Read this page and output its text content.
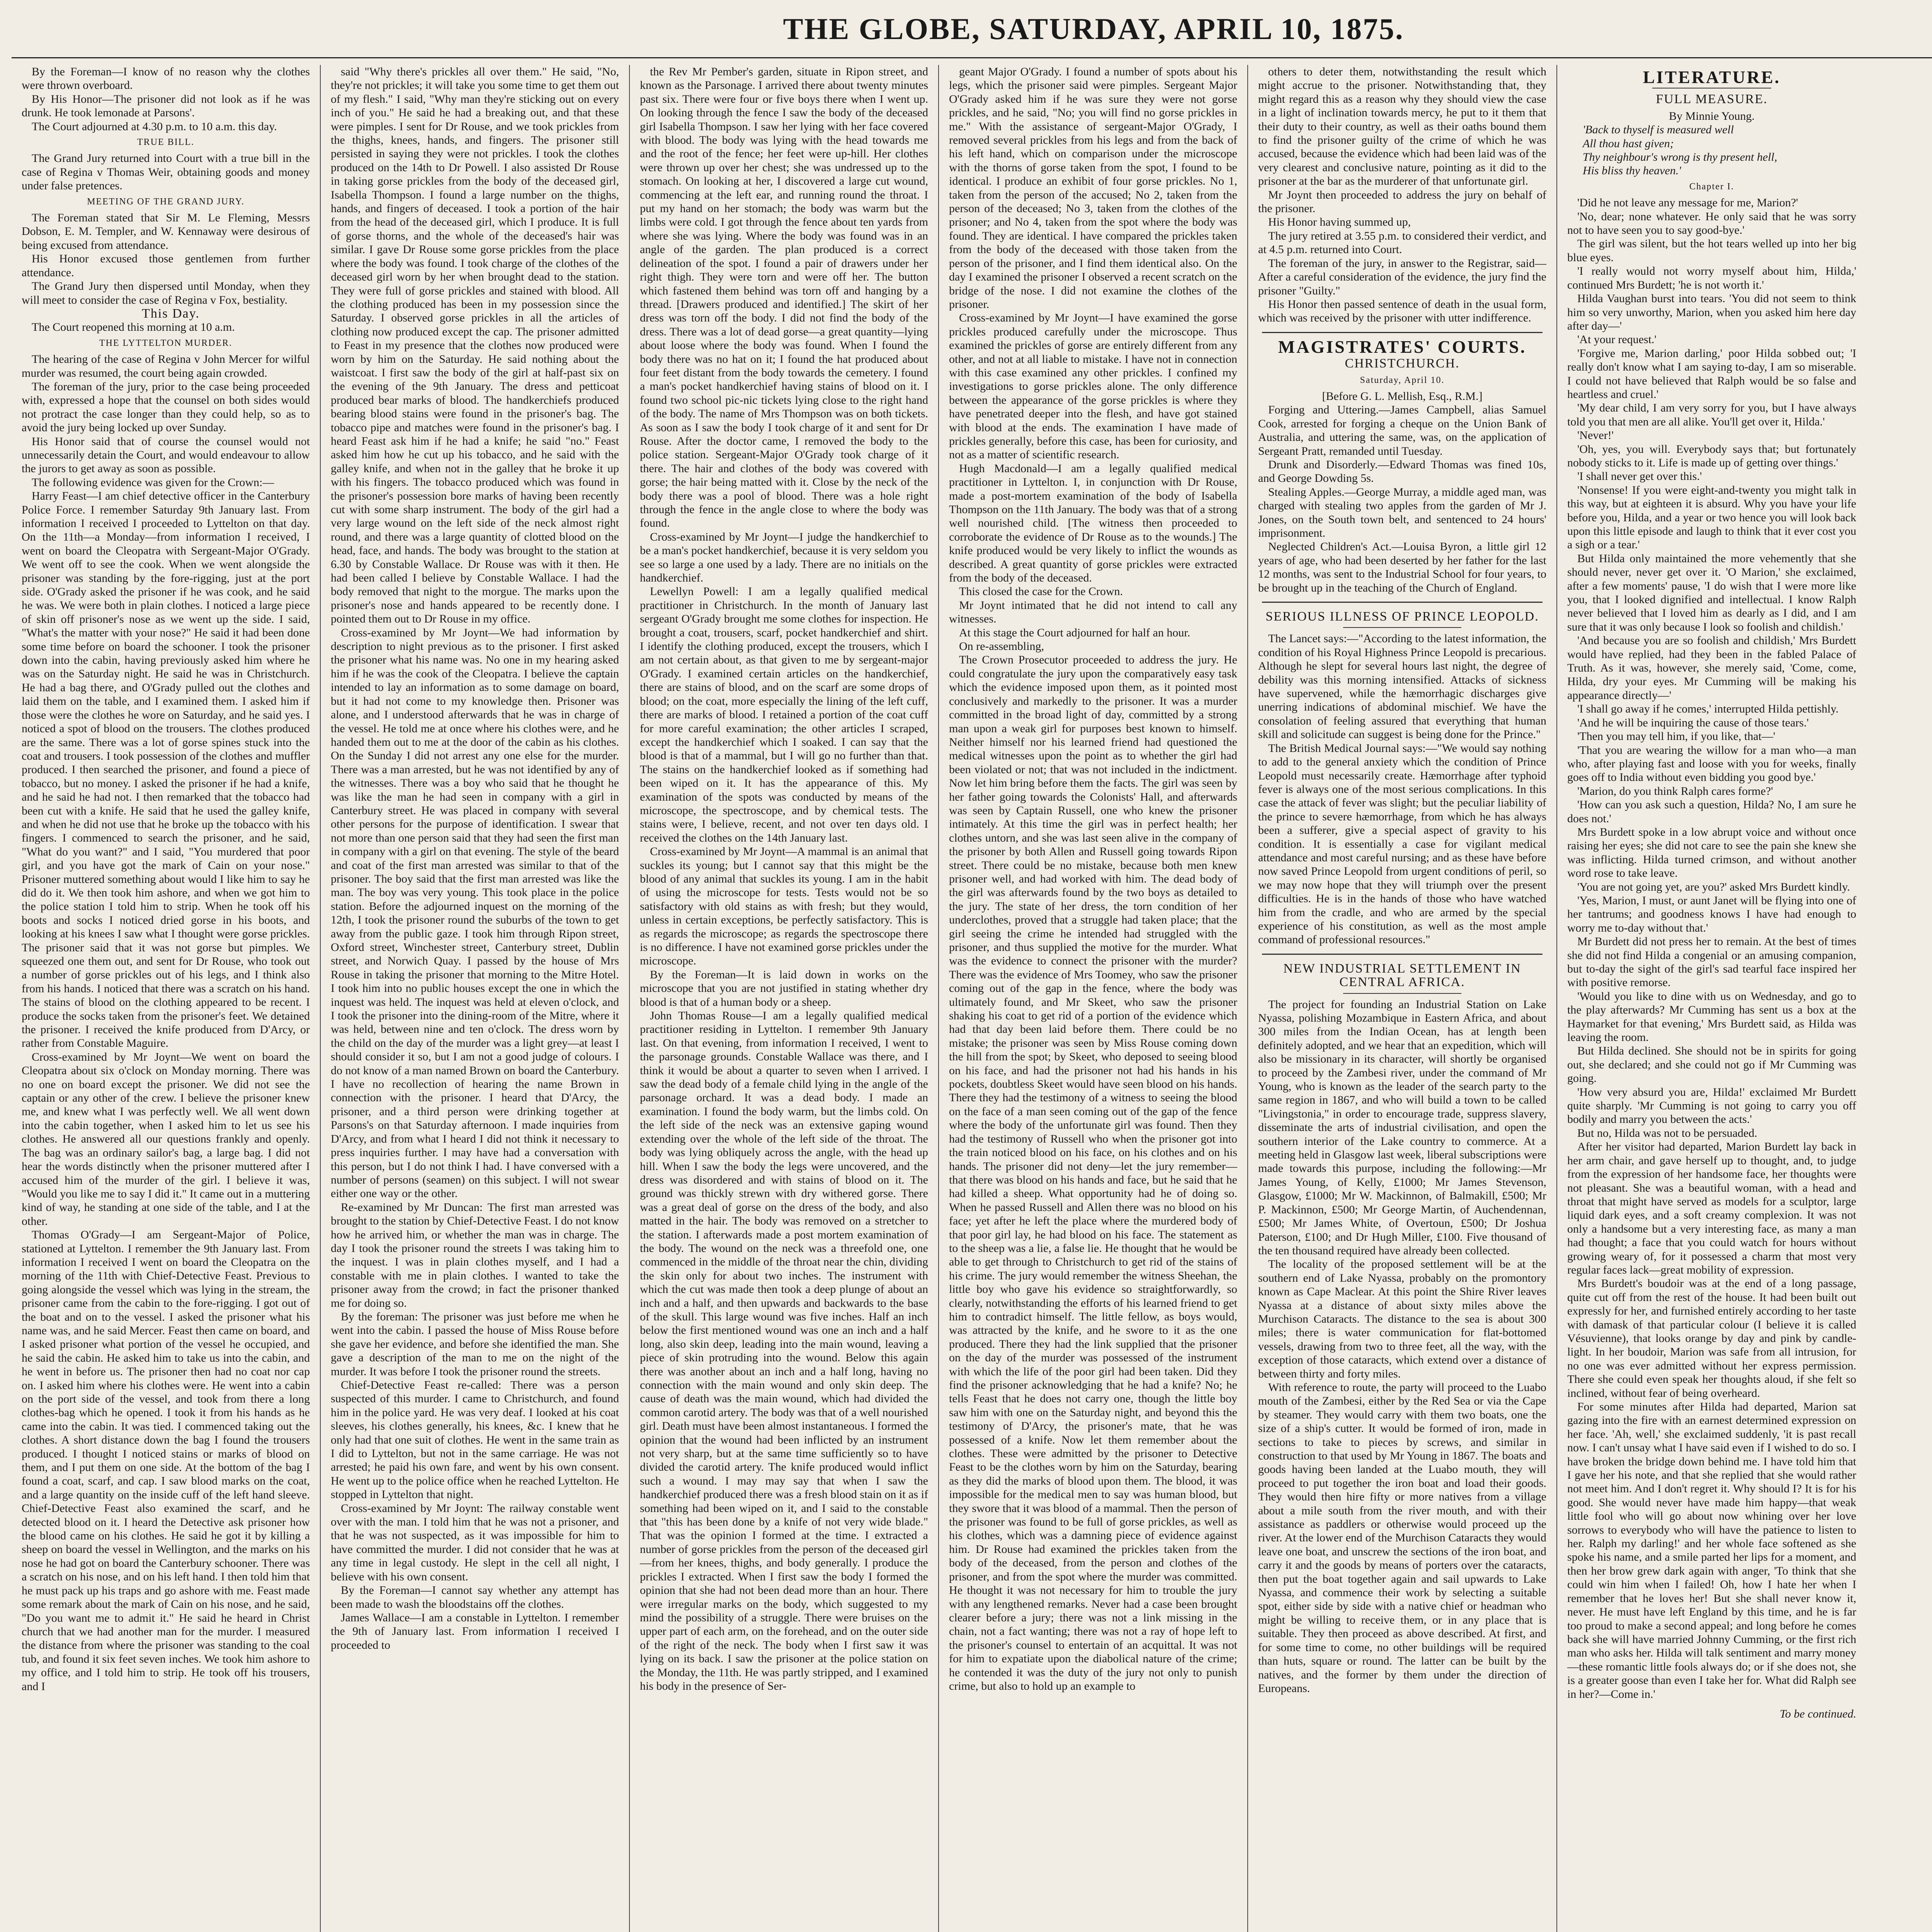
THE GLOBE, SATURDAY, APRIL 10, 1875.

By the Foreman—I know of no reason why the clothes were thrown overboard.

By His Honor—The prisoner did not look as if he was drunk. He took lemonade at Parsons'.

The Court adjourned at 4.30 p.m. to 10 a.m. this day.

TRUE BILL.

The Grand Jury returned into Court with a true bill in the case of Regina v Thomas Weir, obtaining goods and money under false pretences.

MEETING OF THE GRAND JURY.

The Foreman stated that Sir M. Le Fleming, Messrs Dobson, E. M. Templer, and W. Kennaway were desirous of being excused from attendance.

His Honor excused those gentlemen from further attendance.

The Grand Jury then dispersed until Monday, when they will meet to consider the case of Regina v Fox, bestiality.

This Day.

The Court reopened this morning at 10 a.m.

THE LYTTELTON MURDER.

The hearing of the case of Regina v John Mercer for wilful murder was resumed, the court being again crowded.

The foreman of the jury, prior to the case being proceeded with, expressed a hope that the counsel on both sides would not protract the case longer than they could help, so as to avoid the jury being locked up over Sunday.

His Honor said that of course the counsel would not unnecessarily detain the Court, and would endeavour to allow the jurors to get away as soon as possible.

The following evidence was given for the Crown:—

Harry Feast—I am chief detective officer in the Canterbury Police Force. I remember Saturday 9th January last. From information I received I proceeded to Lyttelton on that day. On the 11th—a Monday—from information I received, I went on board the Cleopatra with Sergeant-Major O'Grady. We went off to see the cook. When we went alongside the prisoner was standing by the fore-rigging, just at the port side. O'Grady asked the prisoner if he was cook, and he said he was. We were both in plain clothes. I noticed a large piece of skin off prisoner's nose as we went up the side. I said, "What's the matter with your nose?" He said it had been done some time before on board the schooner. I took the prisoner down into the cabin, having previously asked him where he was on the Saturday night. He said he was in Christchurch. He had a bag there, and O'Grady pulled out the clothes and laid them on the table, and I examined them. I asked him if those were the clothes he wore on Saturday, and he said yes. I noticed a spot of blood on the trousers. The clothes produced are the same. There was a lot of gorse spines stuck into the coat and trousers. I took possession of the clothes and muffler produced. I then searched the prisoner, and found a piece of tobacco, but no money. I asked the prisoner if he had a knife, and he said he had not. I then remarked that the tobacco had been cut with a knife. He said that he used the galley knife, and when he did not use that he broke up the tobacco with his fingers. I commenced to search the prisoner, and he said, "What do you want?" and I said, "You murdered that poor girl, and you have got the mark of Cain on your nose." Prisoner muttered something about would I like him to say he did do it. We then took him ashore, and when we got him to the police station I told him to strip. When he took off his boots and socks I noticed dried gorse in his boots, and looking at his knees I saw what I thought were gorse prickles. The prisoner said that it was not gorse but pimples. We squeezed one them out, and sent for Dr Rouse, who took out a number of gorse prickles out of his legs, and I think also from his hands. I noticed that there was a scratch on his hand. The stains of blood on the clothing appeared to be recent. I produce the socks taken from the prisoner's feet. We detained the prisoner. I received the knife produced from D'Arcy, or rather from Constable Maguire.

Cross-examined by Mr Joynt—We went on board the Cleopatra about six o'clock on Monday morning. There was no one on board except the prisoner. We did not see the captain or any other of the crew. I believe the prisoner knew me, and knew what I was perfectly well. We all went down into the cabin together, when I asked him to let us see his clothes. He answered all our questions frankly and openly. The bag was an ordinary sailor's bag, a large bag. I did not hear the words distinctly when the prisoner muttered after I accused him of the murder of the girl. I believe it was, "Would you like me to say I did it." It came out in a muttering kind of way, he standing at one side of the table, and I at the other.

Thomas O'Grady—I am Sergeant-Major of Police, stationed at Lyttelton. I remember the 9th January last. From information I received I went on board the Cleopatra on the morning of the 11th with Chief-Detective Feast. Previous to going alongside the vessel which was lying in the stream, the prisoner came from the cabin to the fore-rigging. I got out of the boat and on to the vessel. I asked the prisoner what his name was, and he said Mercer. Feast then came on board, and I asked prisoner what portion of the vessel he occupied, and he said the cabin. He asked him to take us into the cabin, and he went in before us. The prisoner then had no coat nor cap on. I asked him where his clothes were. He went into a cabin on the port side of the vessel, and took from there a long clothes-bag which he opened. I took it from his hands as he came into the cabin. It was tied. I commenced taking out the clothes. A short distance down the bag I found the trousers produced. I thought I noticed stains or marks of blood on them, and I put them on one side. At the bottom of the bag I found a coat, scarf, and cap. I saw blood marks on the coat, and a large quantity on the inside cuff of the left hand sleeve. Chief-Detective Feast also examined the scarf, and he detected blood on it. I heard the Detective ask prisoner how the blood came on his clothes. He said he got it by killing a sheep on board the vessel in Wellington, and the marks on his nose he had got on board the Canterbury schooner. There was a scratch on his nose, and on his left hand. I then told him that he must pack up his traps and go ashore with me. Feast made some remark about the mark of Cain on his nose, and he said, "Do you want me to admit it." He said he heard in Christ church that we had another man for the murder. I measured the distance from where the prisoner was standing to the coal tub, and found it six feet seven inches. We took him ashore to my office, and I told him to strip. He took off his trousers, and I

said "Why there's prickles all over them." He said, "No, they're not prickles; it will take you some time to get them out of my flesh." I said, "Why man they're sticking out on every inch of you." He said he had a breaking out, and that these were pimples. I sent for Dr Rouse, and we took prickles from the thighs, knees, hands, and fingers. The prisoner still persisted in saying they were not prickles. I took the clothes produced on the 14th to Dr Powell. I also assisted Dr Rouse in taking gorse prickles from the body of the deceased girl, Isabella Thompson. I found a large number on the thighs, hands, and fingers of deceased. I took a portion of the hair from the head of the deceased girl, which I produce. It is full of gorse thorns, and the whole of the deceased's hair was similar. I gave Dr Rouse some gorse prickles from the place where the body was found. I took charge of the clothes of the deceased girl worn by her when brought dead to the station. They were full of gorse prickles and stained with blood. All the clothing produced has been in my possession since the Saturday. I observed gorse prickles in all the articles of clothing now produced except the cap. The prisoner admitted to Feast in my presence that the clothes now produced were worn by him on the Saturday. He said nothing about the waistcoat. I first saw the body of the girl at half-past six on the evening of the 9th January. The dress and petticoat produced bear marks of blood. The handkerchiefs produced bearing blood stains were found in the prisoner's bag. The tobacco pipe and matches were found in the prisoner's bag. I heard Feast ask him if he had a knife; he said "no." Feast asked him how he cut up his tobacco, and he said with the galley knife, and when not in the galley that he broke it up with his fingers. The tobacco produced which was found in the prisoner's possession bore marks of having been recently cut with some sharp instrument. The body of the girl had a very large wound on the left side of the neck almost right round, and there was a large quantity of clotted blood on the head, face, and hands. The body was brought to the station at 6.30 by Constable Wallace. Dr Rouse was with it then. He had been called I believe by Constable Wallace. I had the body removed that night to the morgue. The marks upon the prisoner's nose and hands appeared to be recently done. I pointed them out to Dr Rouse in my office.

Cross-examined by Mr Joynt—We had information by description to night previous as to the prisoner. I first asked the prisoner what his name was. No one in my hearing asked him if he was the cook of the Cleopatra. I believe the captain intended to lay an information as to some damage on board, but it had not come to my knowledge then. Prisoner was alone, and I understood afterwards that he was in charge of the vessel. He told me at once where his clothes were, and he handed them out to me at the door of the cabin as his clothes. On the Sunday I did not arrest any one else for the murder. There was a man arrested, but he was not identified by any of the witnesses. There was a boy who said that he thought he was like the man he had seen in company with a girl in Canterbury street. He was placed in company with several other persons for the purpose of identification. I swear that not more than one person said that they had seen the first man in company with a girl on that evening. The style of the beard and coat of the first man arrested was similar to that of the prisoner. The boy said that the first man arrested was like the man. The boy was very young. This took place in the police station. Before the adjourned inquest on the morning of the 12th, I took the prisoner round the suburbs of the town to get away from the public gaze. I took him through Ripon street, Oxford street, Winchester street, Canterbury street, Dublin street, and Norwich Quay. I passed by the house of Mrs Rouse in taking the prisoner that morning to the Mitre Hotel. I took him into no public houses except the one in which the inquest was held. The inquest was held at eleven o'clock, and I took the prisoner into the dining-room of the Mitre, where it was held, between nine and ten o'clock. The dress worn by the child on the day of the murder was a light grey—at least I should consider it so, but I am not a good judge of colours. I do not know of a man named Brown on board the Canterbury. I have no recollection of hearing the name Brown in connection with the prisoner. I heard that D'Arcy, the prisoner, and a third person were drinking together at Parsons's on that Saturday afternoon. I made inquiries from D'Arcy, and from what I heard I did not think it necessary to press inquiries further. I may have had a conversation with this person, but I do not think I had. I have conversed with a number of persons (seamen) on this subject. I will not swear either one way or the other.

Re-examined by Mr Duncan: The first man arrested was brought to the station by Chief-Detective Feast. I do not know how he arrived him, or whether the man was in charge. The day I took the prisoner round the streets I was taking him to the inquest. I was in plain clothes myself, and I had a constable with me in plain clothes. I wanted to take the prisoner away from the crowd; in fact the prisoner thanked me for doing so.

By the foreman: The prisoner was just before me when he went into the cabin. I passed the house of Miss Rouse before she gave her evidence, and before she identified the man. She gave a description of the man to me on the night of the murder. It was before I took the prisoner round the streets.

Chief-Detective Feast re-called: There was a person suspected of this murder. I came to Christchurch, and found him in the police yard. He was very deaf. I looked at his coat sleeves, his clothes generally, his knees, &c. I knew that he only had that one suit of clothes. He went in the same train as I did to Lyttelton, but not in the same carriage. He was not arrested; he paid his own fare, and went by his own consent. He went up to the police office when he reached Lyttelton. He stopped in Lyttelton that night.

Cross-examined by Mr Joynt: The railway constable went over with the man. I told him that he was not a prisoner, and that he was not suspected, as it was impossible for him to have committed the murder. I did not consider that he was at any time in legal custody. He slept in the cell all night, I believe with his own consent.

By the Foreman—I cannot say whether any attempt has been made to wash the bloodstains off the clothes.

James Wallace—I am a constable in Lyttelton. I remember the 9th of January last. From information I received I proceeded to

the Rev Mr Pember's garden, situate in Ripon street, and known as the Parsonage. I arrived there about twenty minutes past six. There were four or five boys there when I went up. On looking through the fence I saw the body of the deceased girl Isabella Thompson. I saw her lying with her face covered with blood. The body was lying with the head towards me and the root of the fence; her feet were up-hill. Her clothes were thrown up over her chest; she was undressed up to the stomach. On looking at her, I discovered a large cut wound, commencing at the left ear, and running round the throat. I put my hand on her stomach; the body was warm but the limbs were cold. I got through the fence about ten yards from where she was lying. Where the body was found was in an angle of the garden. The plan produced is a correct delineation of the spot. I found a pair of drawers under her right thigh. They were torn and were off her. The button which fastened them behind was torn off and hanging by a thread. [Drawers produced and identified.] The skirt of her dress was torn off the body. I did not find the body of the dress. There was a lot of dead gorse—a great quantity—lying about loose where the body was found. When I found the body there was no hat on it; I found the hat produced about four feet distant from the body towards the cemetery. I found a man's pocket handkerchief having stains of blood on it. I found two school pic-nic tickets lying close to the right hand of the body. The name of Mrs Thompson was on both tickets. As soon as I saw the body I took charge of it and sent for Dr Rouse. After the doctor came, I removed the body to the police station. Sergeant-Major O'Grady took charge of it there. The hair and clothes of the body was covered with gorse; the hair being matted with it. Close by the neck of the body there was a pool of blood. There was a hole right through the fence in the angle close to where the body was found.

Cross-examined by Mr Joynt—I judge the handkerchief to be a man's pocket handkerchief, because it is very seldom you see so large a one used by a lady. There are no initials on the handkerchief.

Lewellyn Powell: I am a legally qualified medical practitioner in Christchurch. In the month of January last sergeant O'Grady brought me some clothes for inspection. He brought a coat, trousers, scarf, pocket handkerchief and shirt. I identify the clothing produced, except the trousers, which I am not certain about, as that given to me by sergeant-major O'Grady. I examined certain articles on the handkerchief, there are stains of blood, and on the scarf are some drops of blood; on the coat, more especially the lining of the left cuff, there are marks of blood. I retained a portion of the coat cuff for more careful examination; the other articles I scraped, except the handkerchief which I soaked. I can say that the blood is that of a mammal, but I will go no further than that. The stains on the handkerchief looked as if something had been wiped on it. It has the appearance of this. My examination of the spots was conducted by means of the microscope, the spectroscope, and by chemical tests. The stains were, I believe, recent, and not over ten days old. I received the clothes on the 14th January last.

Cross-examined by Mr Joynt—A mammal is an animal that suckles its young; but I cannot say that this might be the blood of any animal that suckles its young. I am in the habit of using the microscope for tests. Tests would not be so satisfactory with old stains as with fresh; but they would, unless in certain exceptions, be perfectly satisfactory. This is as regards the microscope; as regards the spectroscope there is no difference. I have not examined gorse prickles under the microscope.

By the Foreman—It is laid down in works on the microscope that you are not justified in stating whether dry blood is that of a human body or a sheep.

John Thomas Rouse—I am a legally qualified medical practitioner residing in Lyttelton. I remember 9th January last. On that evening, from information I received, I went to the parsonage grounds. Constable Wallace was there, and I think it would be about a quarter to seven when I arrived. I saw the dead body of a female child lying in the angle of the parsonage orchard. It was a dead body. I made an examination. I found the body warm, but the limbs cold. On the left side of the neck was an extensive gaping wound extending over the whole of the left side of the throat. The body was lying obliquely across the angle, with the head up hill. When I saw the body the legs were uncovered, and the dress was disordered and with stains of blood on it. The ground was thickly strewn with dry withered gorse. There was a great deal of gorse on the dress of the body, and also matted in the hair. The body was removed on a stretcher to the station. I afterwards made a post mortem examination of the body. The wound on the neck was a threefold one, one commenced in the middle of the throat near the chin, dividing the skin only for about two inches. The instrument with which the cut was made then took a deep plunge of about an inch and a half, and then upwards and backwards to the base of the skull. This large wound was five inches. Half an inch below the first mentioned wound was one an inch and a half long, also skin deep, leading into the main wound, leaving a piece of skin protruding into the wound. Below this again there was another about an inch and a half long, having no connection with the main wound and only skin deep. The cause of death was the main wound, which had divided the common carotid artery. The body was that of a well nourished girl. Death must have been almost instantaneous. I formed the opinion that the wound had been inflicted by an instrument not very sharp, but at the same time sufficiently so to have divided the carotid artery. The knife produced would inflict such a wound. I may may say that when I saw the handkerchief produced there was a fresh blood stain on it as if something had been wiped on it, and I said to the constable that "this has been done by a knife of not very wide blade." That was the opinion I formed at the time. I extracted a number of gorse prickles from the person of the deceased girl—from her knees, thighs, and body generally. I produce the prickles I extracted. When I first saw the body I formed the opinion that she had not been dead more than an hour. There were irregular marks on the body, which suggested to my mind the possibility of a struggle. There were bruises on the upper part of each arm, on the forehead, and on the outer side of the right of the neck. The body when I first saw it was lying on its back. I saw the prisoner at the police station on the Monday, the 11th. He was partly stripped, and I examined his body in the presence of Ser-

geant Major O'Grady. I found a number of spots about his legs, which the prisoner said were pimples. Sergeant Major O'Grady asked him if he was sure they were not gorse prickles, and he said, "No; you will find no gorse prickles in me." With the assistance of sergeant-Major O'Grady, I removed several prickles from his legs and from the back of his left hand, which on comparison under the microscope with the thorns of gorse taken from the spot, I found to be identical. I produce an exhibit of four gorse prickles. No 1, taken from the person of the accused; No 2, taken from the person of the deceased; No 3, taken from the clothes of the prisoner; and No 4, taken from the spot where the body was found. They are identical. I have compared the prickles taken from the body of the deceased with those taken from the person of the prisoner, and I find them identical also. On the day I examined the prisoner I observed a recent scratch on the bridge of the nose. I did not examine the clothes of the prisoner.

Cross-examined by Mr Joynt—I have examined the gorse prickles produced carefully under the microscope. Thus examined the prickles of gorse are entirely different from any other, and not at all liable to mistake. I have not in connection with this case examined any other prickles. I confined my investigations to gorse prickles alone. The only difference between the appearance of the gorse prickles is where they have penetrated deeper into the flesh, and have got stained with blood at the ends. The examination I have made of prickles generally, before this case, has been for curiosity, and not as a matter of scientific research.

Hugh Macdonald—I am a legally qualified medical practitioner in Lyttelton. I, in conjunction with Dr Rouse, made a post-mortem examination of the body of Isabella Thompson on the 11th January. The body was that of a strong well nourished child. [The witness then proceeded to corroborate the evidence of Dr Rouse as to the wounds.] The knife produced would be very likely to inflict the wounds as described. A great quantity of gorse prickles were extracted from the body of the deceased.

This closed the case for the Crown.

Mr Joynt intimated that he did not intend to call any witnesses.

At this stage the Court adjourned for half an hour.

On re-assembling,

The Crown Prosecutor proceeded to address the jury. He could congratulate the jury upon the comparatively easy task which the evidence imposed upon them, as it pointed most conclusively and markedly to the prisoner. It was a murder committed in the broad light of day, committed by a strong man upon a weak girl for purposes best known to himself. Neither himself nor his learned friend had questioned the medical witnesses upon the point as to whether the girl had been violated or not; that was not included in the indictment. Now let him bring before them the facts. The girl was seen by her father going towards the Colonists' Hall, and afterwards was seen by Captain Russell, one who knew the prisoner intimately. At this time the girl was in perfect health; her clothes untorn, and she was last seen alive in the company of the prisoner by both Allen and Russell going towards Ripon street. There could be no mistake, because both men knew prisoner well, and had worked with him. The dead body of the girl was afterwards found by the two boys as detailed to the jury. The state of her dress, the torn condition of her underclothes, proved that a struggle had taken place; that the girl seeing the crime he intended had struggled with the prisoner, and thus supplied the motive for the murder. What was the evidence to connect the prisoner with the murder? There was the evidence of Mrs Toomey, who saw the prisoner coming out of the gap in the fence, where the body was ultimately found, and Mr Skeet, who saw the prisoner shaking his coat to get rid of a portion of the evidence which had that day been laid before them. There could be no mistake; the prisoner was seen by Miss Rouse coming down the hill from the spot; by Skeet, who deposed to seeing blood on his face, and had the prisoner not had his hands in his pockets, doubtless Skeet would have seen blood on his hands. There they had the testimony of a witness to seeing the blood on the face of a man seen coming out of the gap of the fence where the body of the unfortunate girl was found. Then they had the testimony of Russell who when the prisoner got into the train noticed blood on his face, on his clothes and on his hands. The prisoner did not deny—let the jury remember—that there was blood on his hands and face, but he said that he had killed a sheep. What opportunity had he of doing so. When he passed Russell and Allen there was no blood on his face; yet after he left the place where the murdered body of that poor girl lay, he had blood on his face. The statement as to the sheep was a lie, a false lie. He thought that he would be able to get through to Christchurch to get rid of the stains of his crime. The jury would remember the witness Sheehan, the little boy who gave his evidence so straightforwardly, so clearly, notwithstanding the efforts of his learned friend to get him to contradict himself. The little fellow, as boys would, was attracted by the knife, and he swore to it as the one produced. There they had the link supplied that the prisoner on the day of the murder was possessed of the instrument with which the life of the poor girl had been taken. Did they find the prisoner acknowledging that he had a knife? No; he tells Feast that he does not carry one, though the little boy saw him with one on the Saturday night, and beyond this the testimony of D'Arcy, the prisoner's mate, that he was possessed of a knife. Now let them remember about the clothes. These were admitted by the prisoner to Detective Feast to be the clothes worn by him on the Saturday, bearing as they did the marks of blood upon them. The blood, it was impossible for the medical men to say was human blood, but they swore that it was blood of a mammal. Then the person of the prisoner was found to be full of gorse prickles, as well as his clothes, which was a damning piece of evidence against him. Dr Rouse had examined the prickles taken from the body of the deceased, from the person and clothes of the prisoner, and from the spot where the murder was committed. He thought it was not necessary for him to trouble the jury with any lengthened remarks. Never had a case been brought clearer before a jury; there was not a link missing in the chain, not a fact wanting; there was not a ray of hope left to the prisoner's counsel to entertain of an acquittal. It was not for him to expatiate upon the diabolical nature of the crime; he contended it was the duty of the jury not only to punish crime, but also to hold up an example to

others to deter them, notwithstanding the result which might accrue to the prisoner. Notwithstanding that, they might regard this as a reason why they should view the case in a light of inclination towards mercy, he put to it them that their duty to their country, as well as their oaths bound them to find the prisoner guilty of the crime of which he was accused, because the evidence which had been laid was of the very clearest and conclusive nature, pointing as it did to the prisoner at the bar as the murderer of that unfortunate girl.

Mr Joynt then proceeded to address the jury on behalf of the prisoner.

His Honor having summed up,

The jury retired at 3.55 p.m. to considered their verdict, and at 4.5 p.m. returned into Court.

The foreman of the jury, in answer to the Registrar, said—After a careful consideration of the evidence, the jury find the prisoner "Guilty."

His Honor then passed sentence of death in the usual form, which was received by the prisoner with utter indifference.

MAGISTRATES' COURTS.
CHRISTCHURCH.
Saturday, April 10.
[Before G. L. Mellish, Esq., R.M.]

Forging and Uttering.—James Campbell, alias Samuel Cook, arrested for forging a cheque on the Union Bank of Australia, and uttering the same, was, on the application of Sergeant Pratt, remanded until Tuesday.

Drunk and Disorderly.—Edward Thomas was fined 10s, and George Dowding 5s.

Stealing Apples.—George Murray, a middle aged man, was charged with stealing two apples from the garden of Mr J. Jones, on the South town belt, and sentenced to 24 hours' imprisonment.

Neglected Children's Act.—Louisa Byron, a little girl 12 years of age, who had been deserted by her father for the last 12 months, was sent to the Industrial School for four years, to be brought up in the teaching of the Church of England.

SERIOUS ILLNESS OF PRINCE LEOPOLD.

The Lancet says:—"According to the latest information, the condition of his Royal Highness Prince Leopold is precarious. Although he slept for several hours last night, the degree of debility was this morning intensified. Attacks of sickness have supervened, while the hæmorrhagic discharges give unerring indications of abdominal mischief. We have the consolation of feeling assured that everything that human skill and solicitude can suggest is being done for the Prince."

The British Medical Journal says:—"We would say nothing to add to the general anxiety which the condition of Prince Leopold must necessarily create. Hæmorrhage after typhoid fever is always one of the most serious complications. In this case the attack of fever was slight; but the peculiar liability of the prince to severe hæmorrhage, from which he has always been a sufferer, give a special aspect of gravity to his condition. It is essentially a case for vigilant medical attendance and most careful nursing; and as these have before now saved Prince Leopold from urgent conditions of peril, so we may now hope that they will triumph over the present difficulties. He is in the hands of those who have watched him from the cradle, and who are armed by the special experience of his constitution, as well as the most ample command of professional resources."

NEW INDUSTRIAL SETTLEMENT IN CENTRAL AFRICA.

The project for founding an Industrial Station on Lake Nyassa, polishing Mozambique in Eastern Africa, and about 300 miles from the Indian Ocean, has at length been definitely adopted, and we hear that an expedition, which will also be missionary in its character, will shortly be organised to proceed by the Zambesi river, under the command of Mr Young, who is known as the leader of the search party to the same region in 1867, and who will build a town to be called "Livingstonia," in order to encourage trade, suppress slavery, disseminate the arts of industrial civilisation, and open the southern interior of the Lake country to commerce. At a meeting held in Glasgow last week, liberal subscriptions were made towards this purpose, including the following:—Mr James Young, of Kelly, £1000; Mr James Stevenson, Glasgow, £1000; Mr W. Mackinnon, of Balmakill, £500; Mr P. Mackinnon, £500; Mr George Martin, of Auchendennan, £500; Mr James White, of Overtoun, £500; Dr Joshua Paterson, £100; and Dr Hugh Miller, £100. Five thousand of the ten thousand required have already been collected.

The locality of the proposed settlement will be at the southern end of Lake Nyassa, probably on the promontory known as Cape Maclear. At this point the Shire River leaves Nyassa at a distance of about sixty miles above the Murchison Cataracts. The distance to the sea is about 300 miles; there is water communication for flat-bottomed vessels, drawing from two to three feet, all the way, with the exception of those cataracts, which extend over a distance of between thirty and forty miles.

With reference to route, the party will proceed to the Luabo mouth of the Zambesi, either by the Red Sea or via the Cape by steamer. They would carry with them two boats, one the size of a ship's cutter. It would be formed of iron, made in sections to take to pieces by screws, and similar in construction to that used by Mr Young in 1867. The boats and goods having been landed at the Luabo mouth, they will proceed to put together the iron boat and load their goods. They would then hire fifty or more natives from a village about a mile south from the river mouth, and with their assistance as paddlers or otherwise would proceed up the river. At the lower end of the Murchison Cataracts they would leave one boat, and unscrew the sections of the iron boat, and carry it and the goods by means of porters over the cataracts, then put the boat together again and sail upwards to Lake Nyassa, and commence their work by selecting a suitable spot, either side by side with a native chief or headman who might be willing to receive them, or in any place that is suitable. They then proceed as above described. At first, and for some time to come, no other buildings will be required than huts, square or round. The latter can be built by the natives, and the former by them under the direction of Europeans.

LITERATURE.
FULL MEASURE.
By Minnie Young.

'Back to thyself is measured well

All thou hast given;

Thy neighbour's wrong is thy present hell,

His bliss thy heaven.'

Chapter I.

'Did he not leave any message for me, Marion?'

'No, dear; none whatever. He only said that he was sorry not to have seen you to say good-bye.'

The girl was silent, but the hot tears welled up into her big blue eyes.

'I really would not worry myself about him, Hilda,' continued Mrs Burdett; 'he is not worth it.'

Hilda Vaughan burst into tears. 'You did not seem to think him so very unworthy, Marion, when you asked him here day after day—'

'At your request.'

'Forgive me, Marion darling,' poor Hilda sobbed out; 'I really don't know what I am saying to-day, I am so miserable. I could not have believed that Ralph would be so false and heartless and cruel.'

'My dear child, I am very sorry for you, but I have always told you that men are all alike. You'll get over it, Hilda.'

'Never!'

'Oh, yes, you will. Everybody says that; but fortunately nobody sticks to it. Life is made up of getting over things.'

'I shall never get over this.'

'Nonsense! If you were eight-and-twenty you might talk in this way, but at eighteen it is absurd. Why you have your life before you, Hilda, and a year or two hence you will look back upon this little episode and laugh to think that it ever cost you a sigh or a tear.'

But Hilda only maintained the more vehemently that she should never, never get over it. 'O Marion,' she exclaimed, after a few moments' pause, 'I do wish that I were more like you, that I looked dignified and intellectual. I know Ralph never believed that I loved him as dearly as I did, and I am sure that it was only because I look so foolish and childish.'

'And because you are so foolish and childish,' Mrs Burdett would have replied, had they been in the fabled Palace of Truth. As it was, however, she merely said, 'Come, come, Hilda, dry your eyes. Mr Cumming will be making his appearance directly—'

'I shall go away if he comes,' interrupted Hilda pettishly.

'And he will be inquiring the cause of those tears.'

'Then you may tell him, if you like, that—'

'That you are wearing the willow for a man who—a man who, after playing fast and loose with you for weeks, finally goes off to India without even bidding you good bye.'

'Marion, do you think Ralph cares forme?'

'How can you ask such a question, Hilda? No, I am sure he does not.'

Mrs Burdett spoke in a low abrupt voice and without once raising her eyes; she did not care to see the pain she knew she was inflicting. Hilda turned crimson, and without another word rose to take leave.

'You are not going yet, are you?' asked Mrs Burdett kindly.

'Yes, Marion, I must, or aunt Janet will be flying into one of her tantrums; and goodness knows I have had enough to worry me to-day without that.'

Mr Burdett did not press her to remain. At the best of times she did not find Hilda a congenial or an amusing companion, but to-day the sight of the girl's sad tearful face inspired her with positive remorse.

'Would you like to dine with us on Wednesday, and go to the play afterwards? Mr Cumming has sent us a box at the Haymarket for that evening,' Mrs Burdett said, as Hilda was leaving the room.

But Hilda declined. She should not be in spirits for going out, she declared; and she could not go if Mr Cumming was going.

'How very absurd you are, Hilda!' exclaimed Mr Burdett quite sharply. 'Mr Cumming is not going to carry you off bodily and marry you between the acts.'

But no, Hilda was not to be persuaded.

After her visitor had departed, Marion Burdett lay back in her arm chair, and gave herself up to thought, and, to judge from the expression of her handsome face, her thoughts were not pleasant. She was a beautiful woman, with a head and throat that might have served as models for a sculptor, large liquid dark eyes, and a soft creamy complexion. It was not only a handsome but a very interesting face, as many a man had thought; a face that you could watch for hours without growing weary of, for it possessed a charm that most very regular faces lack—great mobility of expression.

Mrs Burdett's boudoir was at the end of a long passage, quite cut off from the rest of the house. It had been built out expressly for her, and furnished entirely according to her taste with damask of that particular colour (I believe it is called Vésuvienne), that looks orange by day and pink by candle-light. In her boudoir, Marion was safe from all intrusion, for no one was ever admitted without her express permission. There she could even speak her thoughts aloud, if she felt so inclined, without fear of being overheard.

For some minutes after Hilda had departed, Marion sat gazing into the fire with an earnest determined expression on her face. 'Ah, well,' she exclaimed suddenly, 'it is past recall now. I can't unsay what I have said even if I wished to do so. I have broken the bridge down behind me. I have told him that I gave her his note, and that she replied that she would rather not meet him. And I don't regret it. Why should I? It is for his good. She would never have made him happy—that weak little fool who will go about now whining over her love sorrows to everybody who will have the patience to listen to her. Ralph my darling!' and her whole face softened as she spoke his name, and a smile parted her lips for a moment, and then her brow grew dark again with anger, 'To think that she could win him when I failed! Oh, how I hate her when I remember that he loves her! But she shall never know it, never. He must have left England by this time, and he is far too proud to make a second appeal; and long before he comes back she will have married Johnny Cumming, or the first rich man who asks her. Hilda will talk sentiment and marry money—these romantic little fools always do; or if she does not, she is a greater goose than even I take her for. What did Ralph see in her?—Come in.'

To be continued.
